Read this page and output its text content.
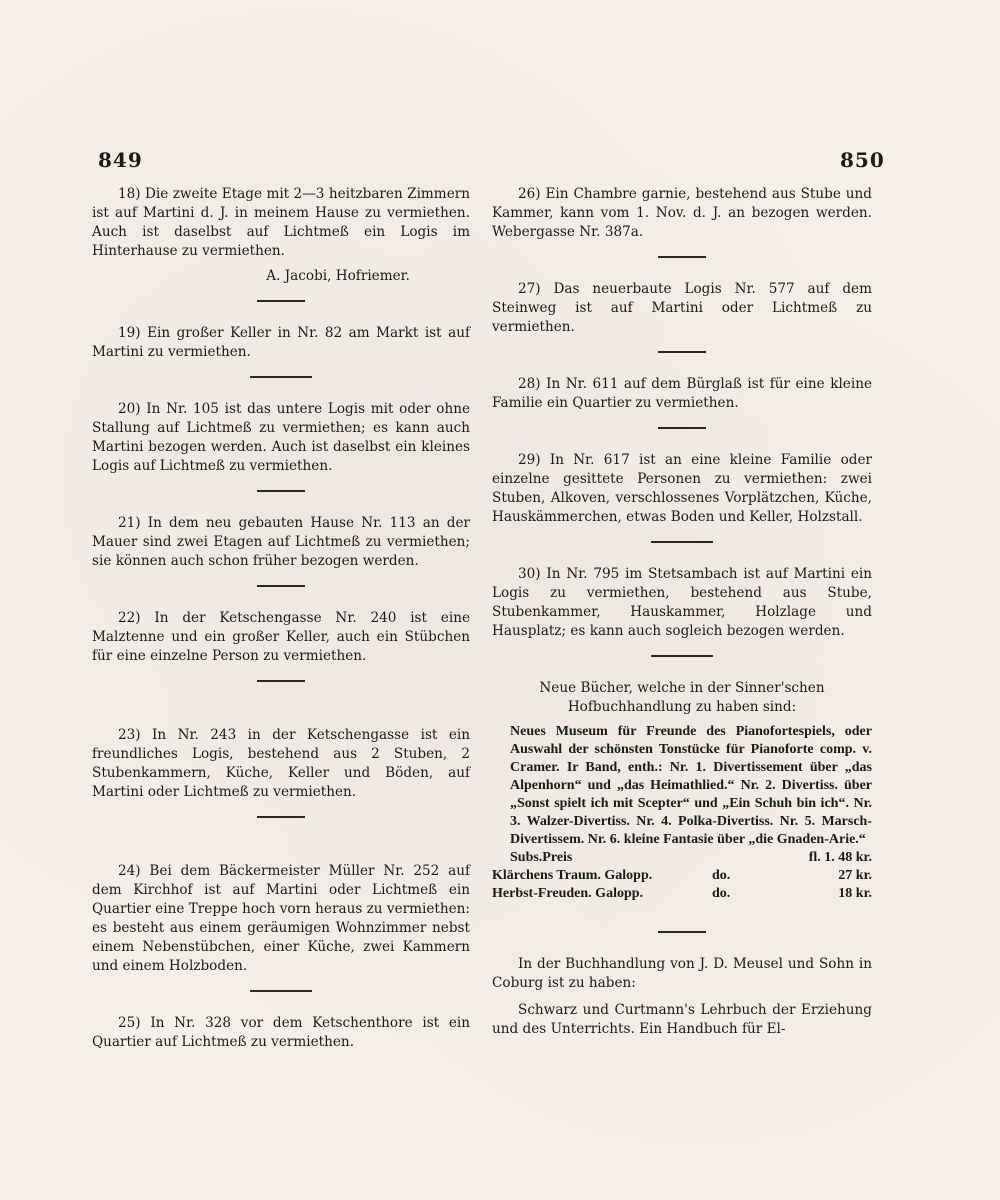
849	850

18) Die zweite Etage mit 2—3 heitzbaren Zimmern ist auf Martini d. J. in meinem Hause zu vermiethen. Auch ist daselbst auf Lichtmeß ein Logis im Hinterhause zu vermiethen.

A. Jacobi, Hofriemer.

19) Ein großer Keller in Nr. 82 am Markt ist auf Martini zu vermiethen.

20) In Nr. 105 ist das untere Logis mit oder ohne Stallung auf Lichtmeß zu vermiethen; es kann auch Martini bezogen werden. Auch ist daselbst ein kleines Logis auf Lichtmeß zu vermiethen.

21) In dem neu gebauten Hause Nr. 113 an der Mauer sind zwei Etagen auf Lichtmeß zu vermiethen; sie können auch schon früher bezogen werden.

22) In der Ketschengasse Nr. 240 ist eine Malztenne und ein großer Keller, auch ein Stübchen für eine einzelne Person zu vermiethen.

23) In Nr. 243 in der Ketschengasse ist ein freundliches Logis, bestehend aus 2 Stuben, 2 Stubenkammern, Küche, Keller und Böden, auf Martini oder Lichtmeß zu vermiethen.

24) Bei dem Bäckermeister Müller Nr. 252 auf dem Kirchhof ist auf Martini oder Lichtmeß ein Quartier eine Treppe hoch vorn heraus zu vermiethen: es besteht aus einem geräumigen Wohnzimmer nebst einem Nebenstübchen, einer Küche, zwei Kammern und einem Holzboden.

25) In Nr. 328 vor dem Ketschenthore ist ein Quartier auf Lichtmeß zu vermiethen.

26) Ein Chambre garnie, bestehend aus Stube und Kammer, kann vom 1. Nov. d. J. an bezogen werden. Webergasse Nr. 387a.

27) Das neuerbaute Logis Nr. 577 auf dem Steinweg ist auf Martini oder Lichtmeß zu vermiethen.

28) In Nr. 611 auf dem Bürglaß ist für eine kleine Familie ein Quartier zu vermiethen.

29) In Nr. 617 ist an eine kleine Familie oder einzelne gesittete Personen zu vermiethen: zwei Stuben, Alkoven, verschlossenes Vorplätzchen, Küche, Hauskämmerchen, etwas Boden und Keller, Holzstall.

30) In Nr. 795 im Stetsambach ist auf Martini ein Logis zu vermiethen, bestehend aus Stube, Stubenkammer, Hauskammer, Holzlage und Hausplatz; es kann auch sogleich bezogen werden.

Neue Bücher, welche in der Sinner'schen Hofbuchhandlung zu haben sind:

Neues Museum für Freunde des Pianofortespiels, oder Auswahl der schönsten Tonstücke für Pianoforte comp. v. Cramer. Ir Band, enth.: Nr. 1. Divertissement über „das Alpenhorn“ und „das Heimathlied.“ Nr. 2. Divertiss. über „Sonst spielt ich mit Scepter“ und „Ein Schuh bin ich“. Nr. 3. Walzer-Divertiss. Nr. 4. Polka-Divertiss. Nr. 5. Marsch-Divertissem. Nr. 6. kleine Fantasie über „die Gnaden-Arie.“

Subs.Preis	fl. 1. 48 kr.
Klärchens Traum. Galopp.	do.	27 kr.
Herbst-Freuden. Galopp.	do.	18 kr.

In der Buchhandlung von J. D. Meusel und Sohn in Coburg ist zu haben:

Schwarz und Curtmann's Lehrbuch der Erziehung und des Unterrichts. Ein Handbuch für El-
